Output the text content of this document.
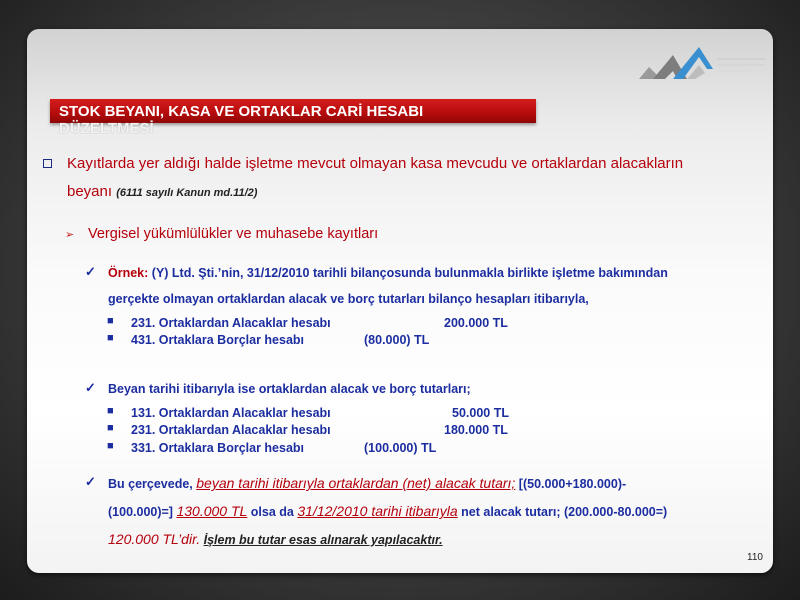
STOK BEYANI, KASA VE ORTAKLAR CARİ HESABI
DÜZELTMESİ
Kayıtlarda yer aldığı halde işletme mevcut olmayan kasa mevcudu ve ortaklardan alacakların
beyanı (6111 sayılı Kanun md.11/2)
➢ Vergisel yükümlülükler ve muhasebe kayıtları
✓ Örnek: (Y) Ltd. Şti.’nin, 31/12/2010 tarihli bilançosunda bulunmakla birlikte işletme bakımından
gerçekte olmayan ortaklardan alacak ve borç tutarları bilanço hesapları itibarıyla,
■ 231. Ortaklardan Alacaklar hesabı	200.000 TL
■ 431. Ortaklara Borçlar hesabı	(80.000) TL
✓ Beyan tarihi itibarıyla ise ortaklardan alacak ve borç tutarları;
■ 131. Ortaklardan Alacaklar hesabı	50.000 TL
■ 231. Ortaklardan Alacaklar hesabı	180.000 TL
■ 331. Ortaklara Borçlar hesabı	(100.000) TL
✓ Bu çerçevede, beyan tarihi itibarıyla ortaklardan (net) alacak tutarı; [(50.000+180.000)-
(100.000)=] 130.000 TL olsa da 31/12/2010 tarihi itibarıyla net alacak tutarı; (200.000-80.000=)
120.000 TL’dir. İşlem bu tutar esas alınarak yapılacaktır.
110
